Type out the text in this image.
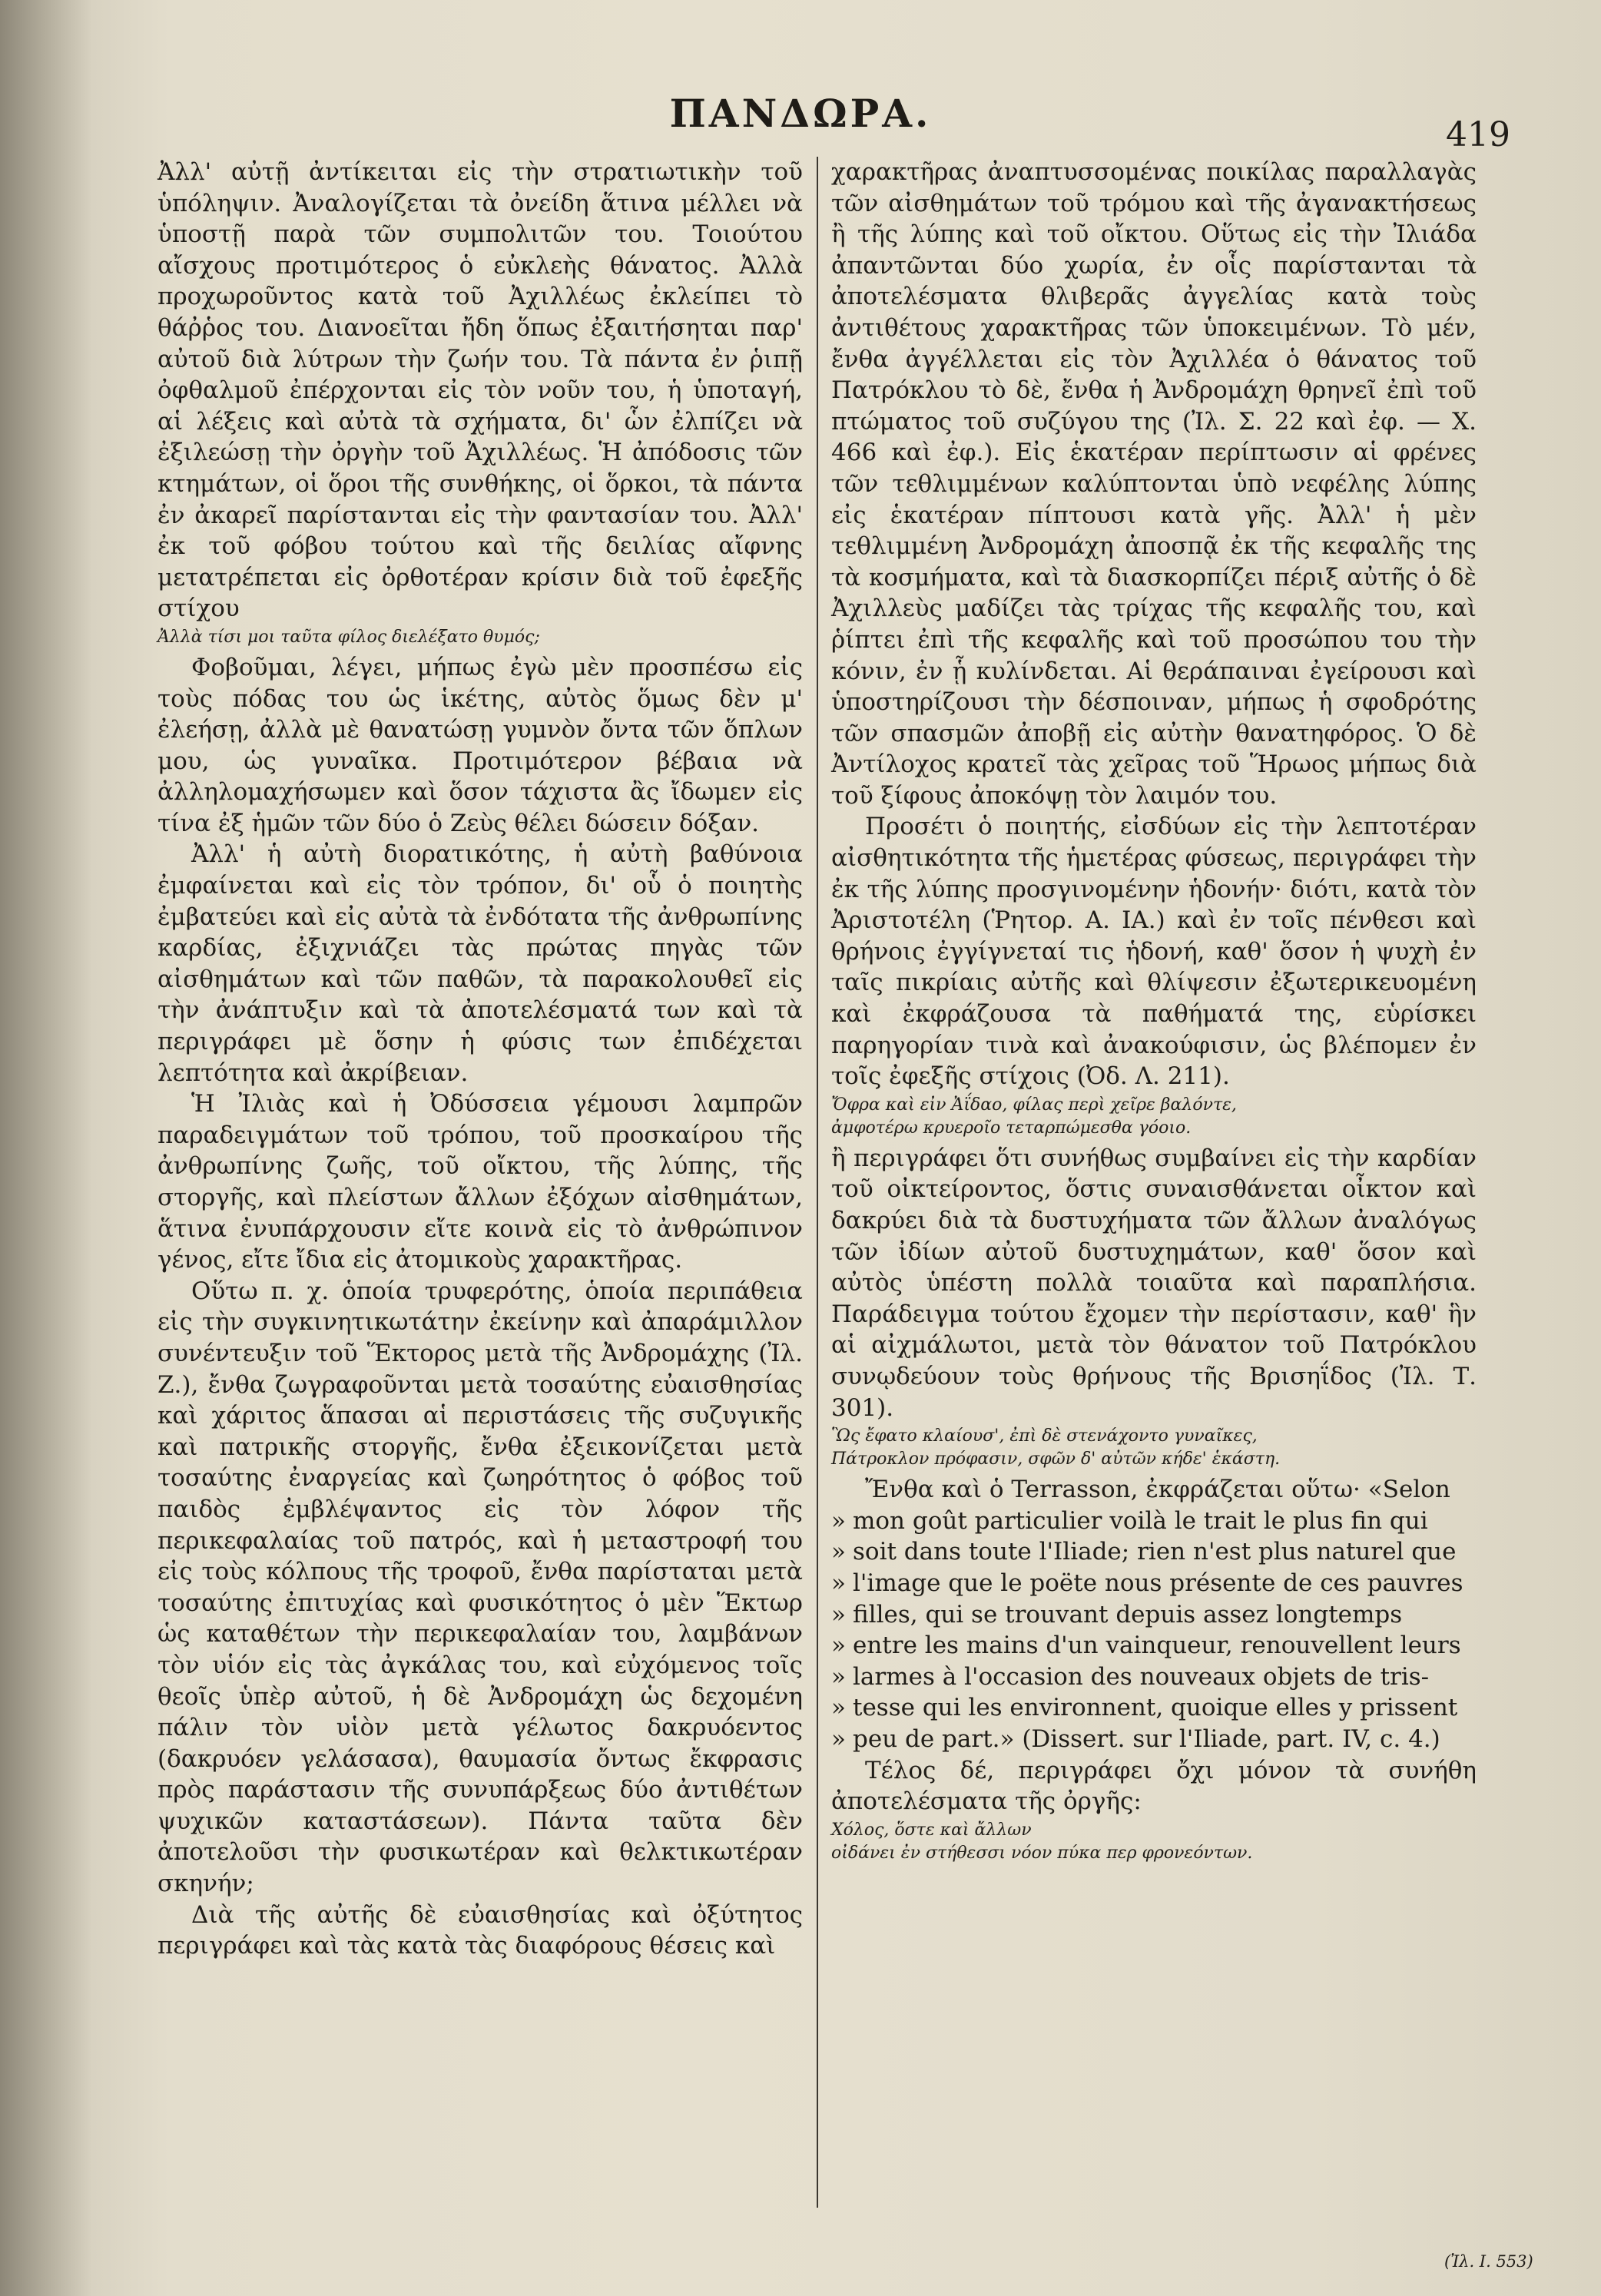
ΠΑΝΔΩΡΑ.	419

Ἀλλ' αὐτῇ ἀντίκειται εἰς τὴν στρατιωτικὴν τοῦ ὑπόληψιν. Ἀναλογίζεται τὰ ὀνείδη ἅτινα μέλλει νὰ ὑποστῇ παρὰ τῶν συμπολιτῶν του. Τοιούτου αἴσχους προτιμότερος ὁ εὐκλεὴς θάνατος. Ἀλλὰ προχωροῦντος κατὰ τοῦ Ἀχιλλέως ἐκλείπει τὸ θάῤῥος του. Διανοεῖται ἤδη ὅπως ἐξαιτήσηται παρ' αὐτοῦ διὰ λύτρων τὴν ζωήν του. Τὰ πάντα ἐν ῥιπῇ ὀφθαλμοῦ ἐπέρχονται εἰς τὸν νοῦν του, ἡ ὑποταγή, αἱ λέξεις καὶ αὐτὰ τὰ σχήματα, δι' ὧν ἐλπίζει νὰ ἐξιλεώσῃ τὴν ὀργὴν τοῦ Ἀχιλλέως. Ἡ ἀπόδοσις τῶν κτημάτων, οἱ ὅροι τῆς συνθήκης, οἱ ὅρκοι, τὰ πάντα ἐν ἀκαρεῖ παρίστανται εἰς τὴν φαντασίαν του. Ἀλλ' ἐκ τοῦ φόβου τούτου καὶ τῆς δειλίας αἴφνης μετατρέπεται εἰς ὀρθοτέραν κρίσιν διὰ τοῦ ἐφεξῆς στίχου

Ἀλλὰ τίσι μοι ταῦτα φίλος διελέξατο θυμός;

Φοβοῦμαι, λέγει, μήπως ἐγὼ μὲν προσπέσω εἰς τοὺς πόδας του ὡς ἱκέτης, αὐτὸς ὅμως δὲν μ' ἐλεήσῃ, ἀλλὰ μὲ θανατώσῃ γυμνὸν ὄντα τῶν ὅπλων μου, ὡς γυναῖκα. Προτιμότερον βέβαια νὰ ἀλληλομαχήσωμεν καὶ ὅσον τάχιστα ἂς ἴδωμεν εἰς τίνα ἐξ ἡμῶν τῶν δύο ὁ Ζεὺς θέλει δώσειν δόξαν.

Ἀλλ' ἡ αὐτὴ διορατικότης, ἡ αὐτὴ βαθύνοια ἐμφαίνεται καὶ εἰς τὸν τρόπον, δι' οὗ ὁ ποιητὴς ἐμβατεύει καὶ εἰς αὐτὰ τὰ ἐνδότατα τῆς ἀνθρωπίνης καρδίας, ἐξιχνιάζει τὰς πρώτας πηγὰς τῶν αἰσθημάτων καὶ τῶν παθῶν, τὰ παρακολουθεῖ εἰς τὴν ἀνάπτυξιν καὶ τὰ ἀποτελέσματά των καὶ τὰ περιγράφει μὲ ὅσην ἡ φύσις των ἐπιδέχεται λεπτότητα καὶ ἀκρίβειαν.

Ἡ Ἰλιὰς καὶ ἡ Ὀδύσσεια γέμουσι λαμπρῶν παραδειγμάτων τοῦ τρόπου, τοῦ προσκαίρου τῆς ἀνθρωπίνης ζωῆς, τοῦ οἴκτου, τῆς λύπης, τῆς στοργῆς, καὶ πλείστων ἄλλων ἐξόχων αἰσθημάτων, ἅτινα ἐνυπάρχουσιν εἴτε κοινὰ εἰς τὸ ἀνθρώπινον γένος, εἴτε ἴδια εἰς ἀτομικοὺς χαρακτῆρας.

Οὕτω π. χ. ὁποία τρυφερότης, ὁποία περιπάθεια εἰς τὴν συγκινητικωτάτην ἐκείνην καὶ ἀπαράμιλλον συνέντευξιν τοῦ Ἕκτορος μετὰ τῆς Ἀνδρομάχης (Ἰλ. Ζ.), ἔνθα ζωγραφοῦνται μετὰ τοσαύτης εὐαισθησίας καὶ χάριτος ἅπασαι αἱ περιστάσεις τῆς συζυγικῆς καὶ πατρικῆς στοργῆς, ἔνθα ἐξεικονίζεται μετὰ τοσαύτης ἐναργείας καὶ ζωηρότητος ὁ φόβος τοῦ παιδὸς ἐμβλέψαντος εἰς τὸν λόφον τῆς περικεφαλαίας τοῦ πατρός, καὶ ἡ μεταστροφή του εἰς τοὺς κόλπους τῆς τροφοῦ, ἔνθα παρίσταται μετὰ τοσαύτης ἐπιτυχίας καὶ φυσικότητος ὁ μὲν Ἕκτωρ ὡς καταθέτων τὴν περικεφαλαίαν του, λαμβάνων τὸν υἱόν εἰς τὰς ἀγκάλας του, καὶ εὐχόμενος τοῖς θεοῖς ὑπὲρ αὐτοῦ, ἡ δὲ Ἀνδρομάχη ὡς δεχομένη πάλιν τὸν υἱὸν μετὰ γέλωτος δακρυόεντος (δακρυόεν γελάσασα), θαυμασία ὄντως ἔκφρασις πρὸς παράστασιν τῆς συνυπάρξεως δύο ἀντιθέτων ψυχικῶν καταστάσεων). Πάντα ταῦτα δὲν ἀποτελοῦσι τὴν φυσικωτέραν καὶ θελκτικωτέραν σκηνήν;

Διὰ τῆς αὐτῆς δὲ εὐαισθησίας καὶ ὀξύτητος περιγράφει καὶ τὰς κατὰ τὰς διαφόρους θέσεις καὶ

χαρακτῆρας ἀναπτυσσομένας ποικίλας παραλλαγὰς τῶν αἰσθημάτων τοῦ τρόμου καὶ τῆς ἀγανακτήσεως ἢ τῆς λύπης καὶ τοῦ οἴκτου. Οὕτως εἰς τὴν Ἰλιάδα ἀπαντῶνται δύο χωρία, ἐν οἷς παρίστανται τὰ ἀποτελέσματα θλιβερᾶς ἀγγελίας κατὰ τοὺς ἀντιθέτους χαρακτῆρας τῶν ὑποκειμένων. Τὸ μέν, ἔνθα ἀγγέλλεται εἰς τὸν Ἀχιλλέα ὁ θάνατος τοῦ Πατρόκλου τὸ δὲ, ἔνθα ἡ Ἀνδρομάχη θρηνεῖ ἐπὶ τοῦ πτώματος τοῦ συζύγου της (Ἰλ. Σ. 22 καὶ ἐφ. — Χ. 466 καὶ ἐφ.). Εἰς ἑκατέραν περίπτωσιν αἱ φρένες τῶν τεθλιμμένων καλύπτονται ὑπὸ νεφέλης λύπης εἰς ἑκατέραν πίπτουσι κατὰ γῆς. Ἀλλ' ἡ μὲν τεθλιμμένη Ἀνδρομάχη ἀποσπᾷ ἐκ τῆς κεφαλῆς της τὰ κοσμήματα, καὶ τὰ διασκορπίζει πέριξ αὐτῆς ὁ δὲ Ἀχιλλεὺς μαδίζει τὰς τρίχας τῆς κεφαλῆς του, καὶ ῥίπτει ἐπὶ τῆς κεφαλῆς καὶ τοῦ προσώπου του τὴν κόνιν, ἐν ᾗ κυλίνδεται. Αἱ θεράπαιναι ἐγείρουσι καὶ ὑποστηρίζουσι τὴν δέσποιναν, μήπως ἡ σφοδρότης τῶν σπασμῶν ἀποβῇ εἰς αὐτὴν θανατηφόρος. Ὁ δὲ Ἀντίλοχος κρατεῖ τὰς χεῖρας τοῦ Ἥρωος μήπως διὰ τοῦ ξίφους ἀποκόψῃ τὸν λαιμόν του.

Προσέτι ὁ ποιητής, εἰσδύων εἰς τὴν λεπτοτέραν αἰσθητικότητα τῆς ἡμετέρας φύσεως, περιγράφει τὴν ἐκ τῆς λύπης προσγινομένην ἡδονήν· διότι, κατὰ τὸν Ἀριστοτέλη (Ῥητορ. Α. ΙΑ.) καὶ ἐν τοῖς πένθεσι καὶ θρήνοις ἐγγίγνεταί τις ἡδονή, καθ' ὅσον ἡ ψυχὴ ἐν ταῖς πικρίαις αὐτῆς καὶ θλίψεσιν ἐξωτερικευομένη καὶ ἐκφράζουσα τὰ παθήματά της, εὑρίσκει παρηγορίαν τινὰ καὶ ἀνακούφισιν, ὡς βλέπομεν ἐν τοῖς ἐφεξῆς στίχοις (Ὀδ. Λ. 211).

Ὄφρα καὶ εἰν Ἀΐδαο, φίλας περὶ χεῖρε βαλόντε,

ἀμφοτέρω κρυεροῖο τεταρπώμεσθα γόοιο.

ἢ περιγράφει ὅτι συνήθως συμβαίνει εἰς τὴν καρδίαν τοῦ οἰκτείροντος, ὅστις συναισθάνεται οἶκτον καὶ δακρύει διὰ τὰ δυστυχήματα τῶν ἄλλων ἀναλόγως τῶν ἰδίων αὐτοῦ δυστυχημάτων, καθ' ὅσον καὶ αὐτὸς ὑπέστη πολλὰ τοιαῦτα καὶ παραπλήσια. Παράδειγμα τούτου ἔχομεν τὴν περίστασιν, καθ' ἣν αἱ αἰχμάλωτοι, μετὰ τὸν θάνατον τοῦ Πατρόκλου συνῳδεύουν τοὺς θρήνους τῆς Βρισηΐδος (Ἰλ. Τ. 301).

Ὣς ἔφατο κλαίουσ', ἐπὶ δὲ στενάχοντο γυναῖκες,

Πάτροκλον πρόφασιν, σφῶν δ' αὐτῶν κήδε' ἑκάστη.

Ἔνθα καὶ ὁ Terrasson, ἐκφράζεται οὕτω· «Selon

» mon goût particulier voilà le trait le plus fin qui
» soit dans toute l'Iliade; rien n'est plus naturel que
» l'image que le poëte nous présente de ces pauvres
» filles, qui se trouvant depuis assez longtemps
» entre les mains d'un vainqueur, renouvellent leurs
» larmes à l'occasion des nouveaux objets de tris-
» tesse qui les environnent, quoique elles y prissent
» peu de part.» (Dissert. sur l'Iliade, part. IV, c. 4.)

Τέλος δέ, περιγράφει ὄχι μόνον τὰ συνήθη ἀποτελέσματα τῆς ὀργῆς:

Χόλος, ὅστε καὶ ἄλλων

οἰδάνει ἐν στήθεσσι νόον πύκα περ φρονεόντων.

(Ἰλ. Ι. 553)
